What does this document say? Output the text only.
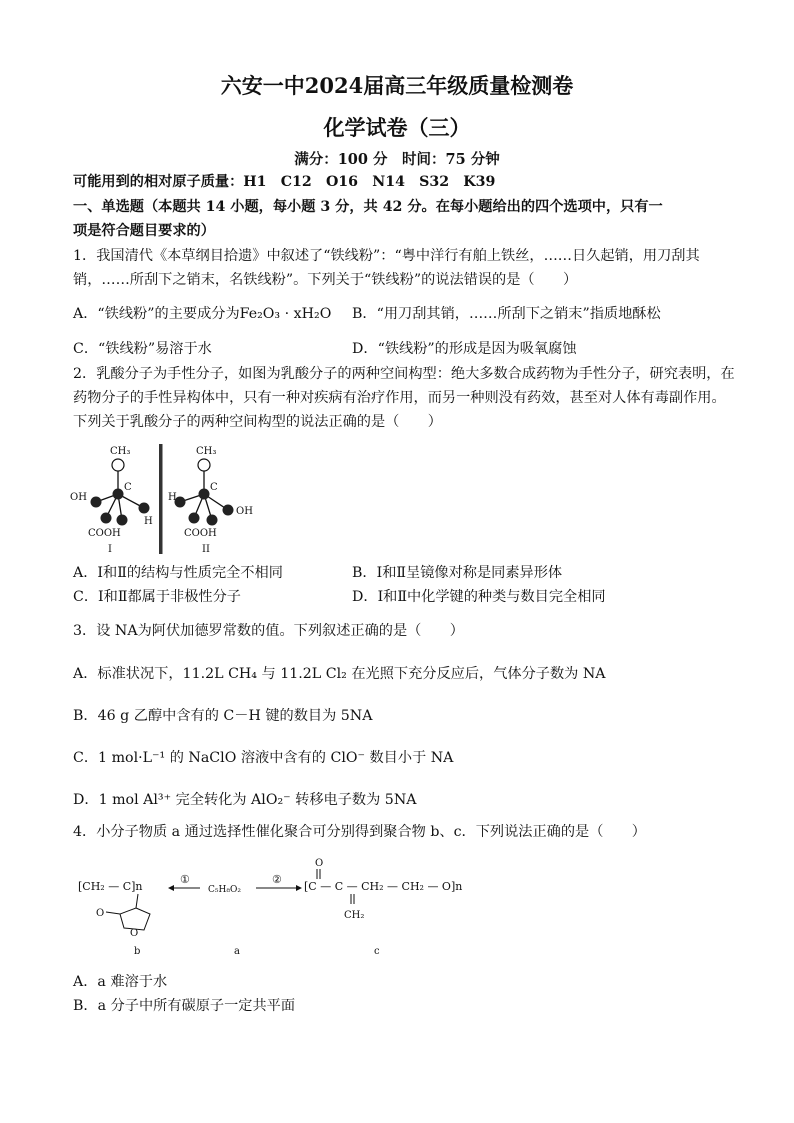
六安一中2024届高三年级质量检测卷
化学试卷（三）
满分：100 分　时间：75 分钟
可能用到的相对原子质量：H1　C12　O16　N14　S32　K39
一、单选题（本题共 14 小题，每小题 3 分，共 42 分。在每小题给出的四个选项中，只有一
项是符合题目要求的）
1．我国清代《本草纲目拾遗》中叙述了“铁线粉”：“粤中洋行有舶上铁丝，……日久起销，用刀刮其
销，……所刮下之销末，名铁线粉”。下列关于“铁线粉”的说法错误的是（　　）
A．“铁线粉”的主要成分为Fe₂O₃ · xH₂O B．“用刀刮其销，……所刮下之销末”指质地酥松
C．“铁线粉”易溶于水	D．“铁线粉”的形成是因为吸氧腐蚀
2．乳酸分子为手性分子，如图为乳酸分子的两种空间构型：绝大多数合成药物为手性分子，研究表明，在
药物分子的手性异构体中，只有一种对疾病有治疗作用，而另一种则没有药效，甚至对人体有毒副作用。
下列关于乳酸分子的两种空间构型的说法正确的是（　　）
CH₃
OH
C
H
COOH
I
CH₃
H
C
OH
COOH
II
A．Ⅰ和Ⅱ的结构与性质完全不相同	B．Ⅰ和Ⅱ呈镜像对称是同素异形体
C．Ⅰ和Ⅱ都属于非极性分子	D．Ⅰ和Ⅱ中化学键的种类与数目完全相同
3．设 NA为阿伏加德罗常数的值。下列叙述正确的是（　　）
A．标准状况下，11.2L CH₄ 与 11.2L Cl₂ 在光照下充分反应后，气体分子数为 NA
B．46 g 乙醇中含有的 C－H 键的数目为 5NA
C．1 mol·L⁻¹ 的 NaClO 溶液中含有的 ClO⁻ 数目小于 NA
D．1 mol Al³⁺ 完全转化为 AlO₂⁻ 转移电子数为 5NA
4．小分子物质 a 通过选择性催化聚合可分别得到聚合物 b、c．下列说法正确的是（　　）
[CH₂ — C]n
O
O
b
①
C₅H₈O₂
a
②
O
[C — C — CH₂ — CH₂ — O]n
CH₂
c
A．a 难溶于水
B．a 分子中所有碳原子一定共平面
